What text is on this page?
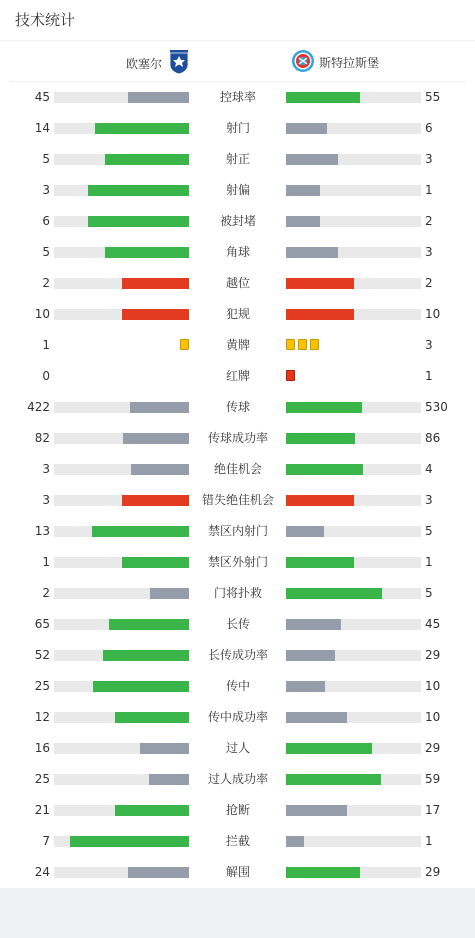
技术统计
欧塞尔	斯特拉斯堡
45	控球率	55
14	射门	6
5	射正	3
3	射偏	1
6	被封堵	2
5	角球	3
2	越位	2
10	犯规	10
1	黄牌	3
0	红牌	1
422	传球	530
82	传球成功率	86
3	绝佳机会	4
3	错失绝佳机会	3
13	禁区内射门	5
1	禁区外射门	1
2	门将扑救	5
65	长传	45
52	长传成功率	29
25	传中	10
12	传中成功率	10
16	过人	29
25	过人成功率	59
21	抢断	17
7	拦截	1
24	解围	29
